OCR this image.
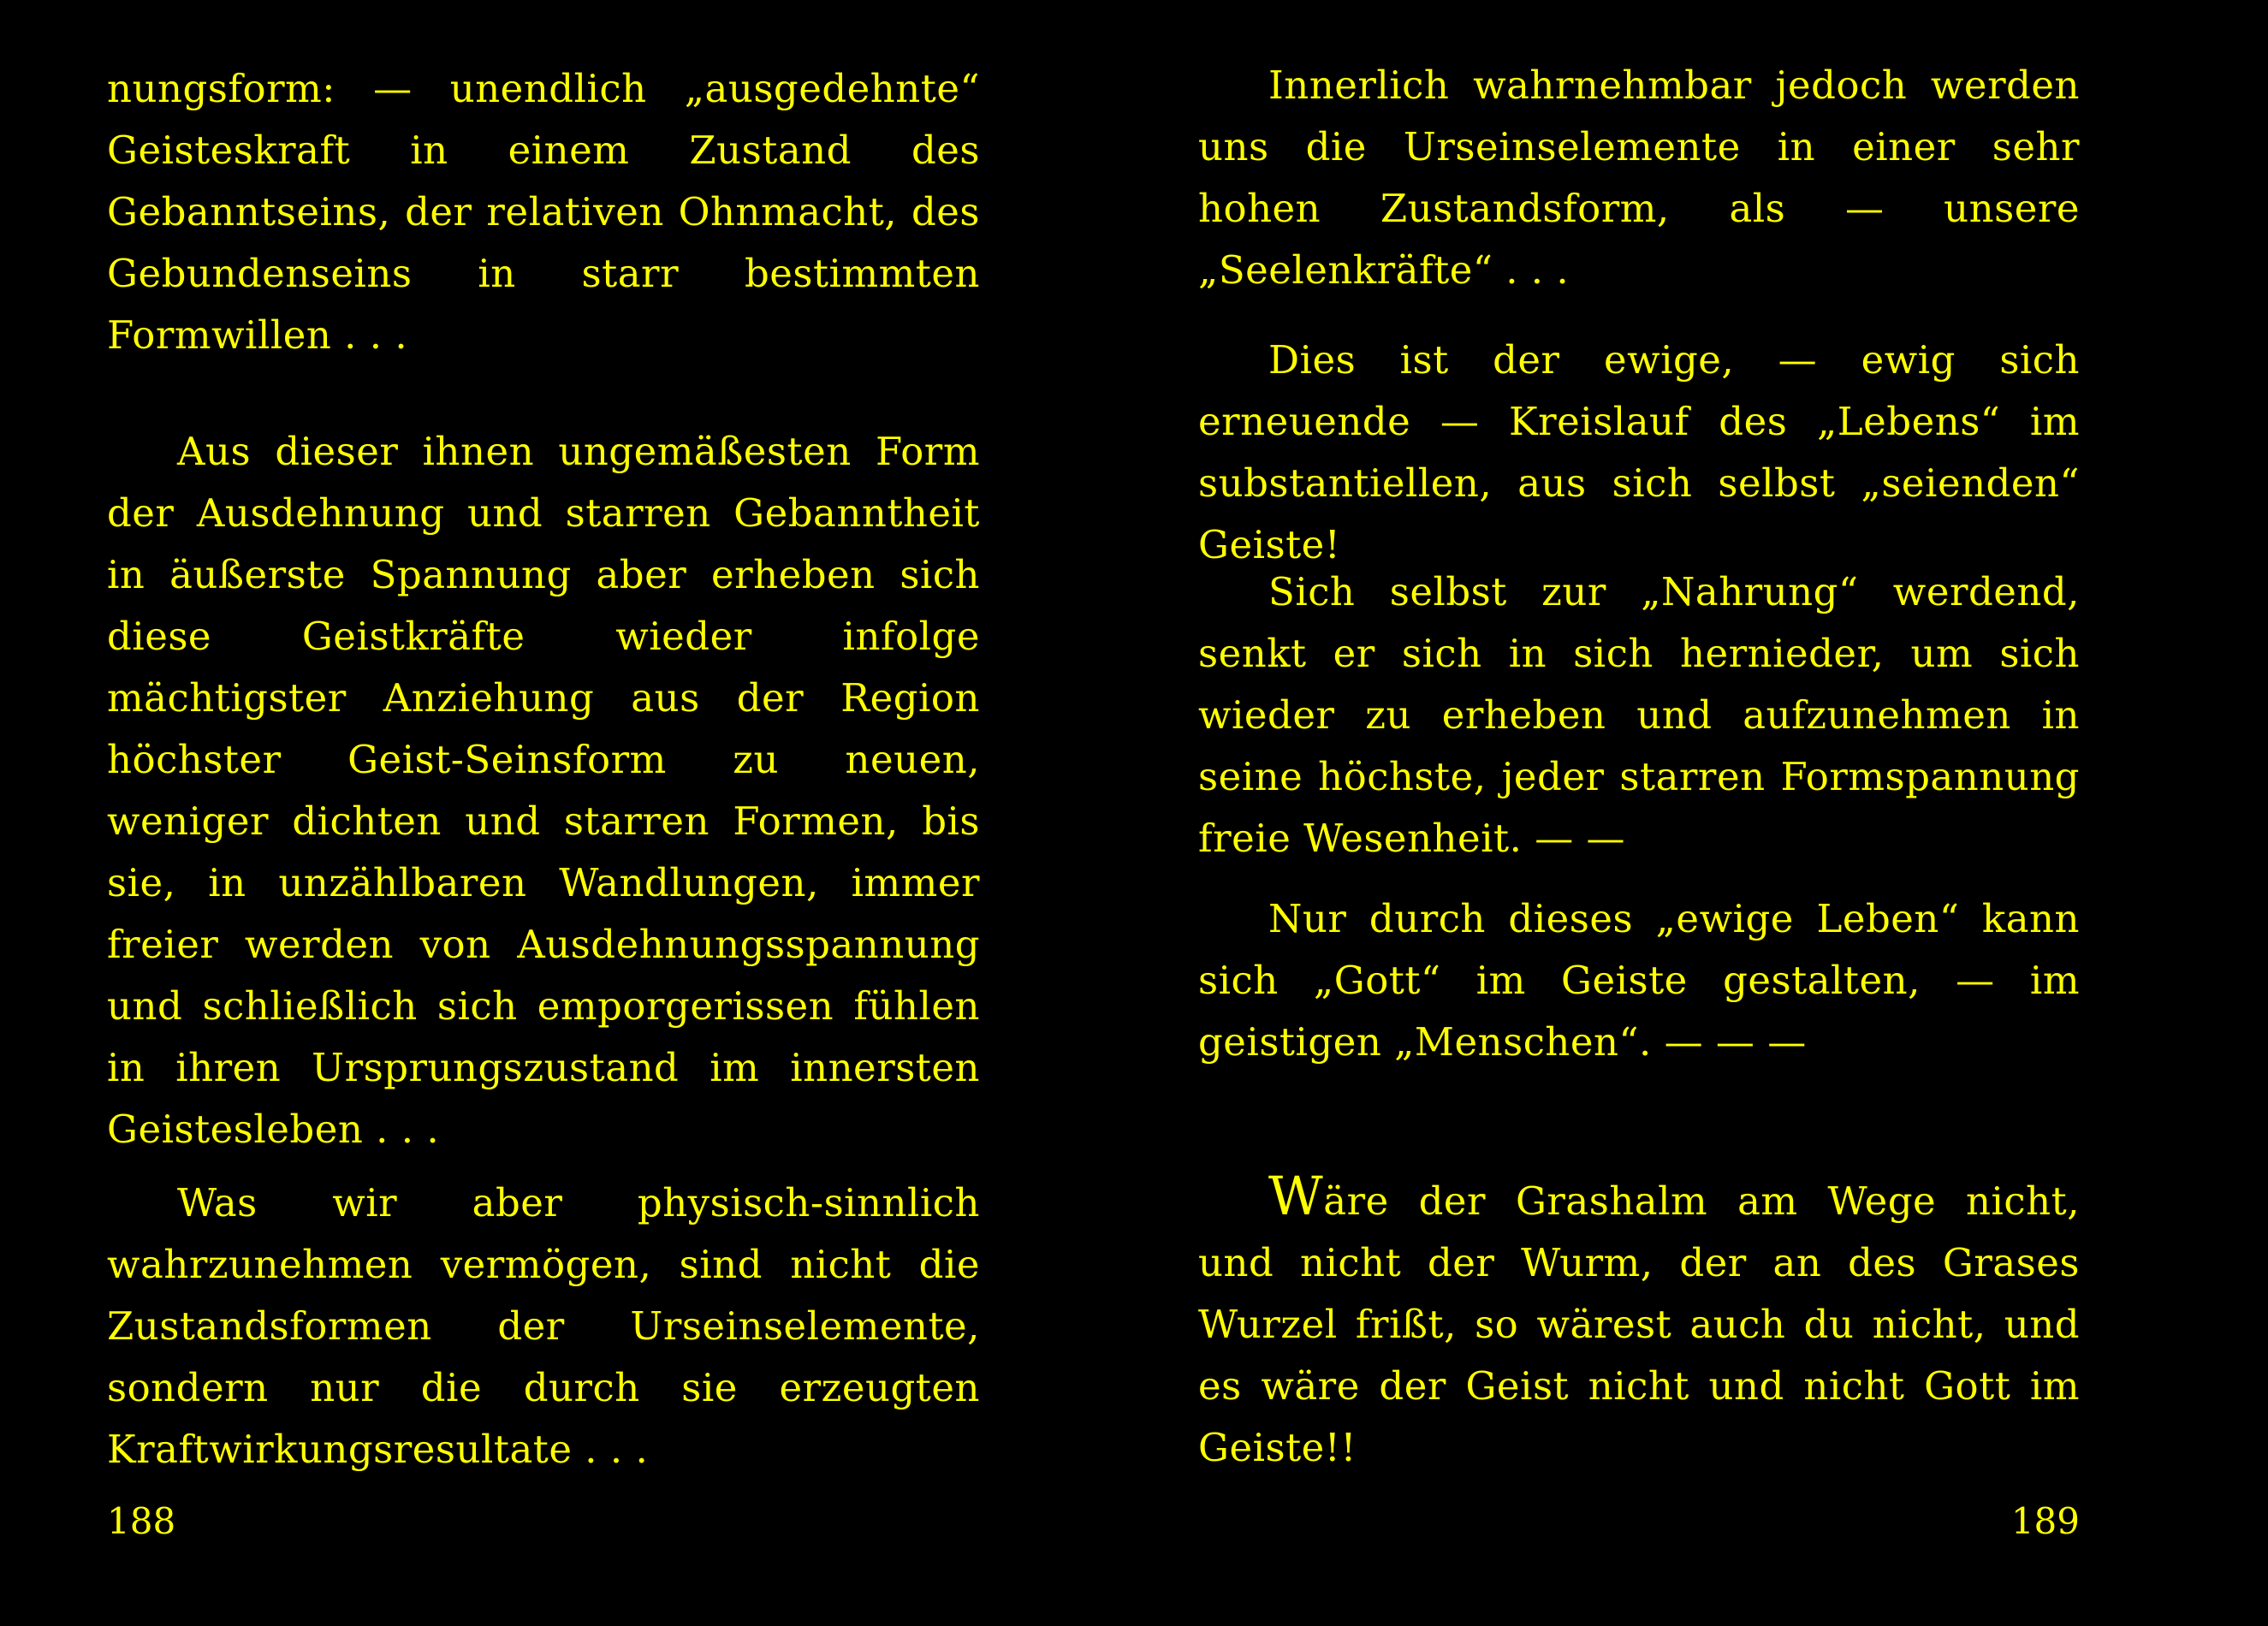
nungsform: — unendlich „ausgedehnte“ Geisteskraft in einem Zustand des Gebanntseins, der relativen Ohnmacht, des Gebundenseins in starr bestimmten Formwillen . . .

Aus dieser ihnen ungemäßesten Form der Ausdehnung und starren Gebanntheit in äußerste Spannung aber erheben sich diese Geistkräfte wieder infolge mächtigster Anziehung aus der Region höchster Geist-Seinsform zu neuen, weniger dichten und starren Formen, bis sie, in unzählbaren Wandlungen, immer freier werden von Ausdehnungsspannung und schließlich sich emporgerissen fühlen in ihren Ursprungszustand im innersten Geistesleben . . .

Was wir aber physisch-sinnlich wahrzunehmen vermögen, sind nicht die Zustandsformen der Urseinselemente, sondern nur die durch sie erzeugten Kraftwirkungsresultate . . .

188

Innerlich wahrnehmbar jedoch werden uns die Urseinselemente in einer sehr hohen Zustandsform, als — unsere „Seelenkräfte“ . . .

Dies ist der ewige, — ewig sich erneuende — Kreislauf des „Lebens“ im substantiellen, aus sich selbst „seienden“ Geiste!

Sich selbst zur „Nahrung“ werdend, senkt er sich in sich hernieder, um sich wieder zu erheben und aufzunehmen in seine höchste, jeder starren Formspannung freie Wesenheit. — —

Nur durch dieses „ewige Leben“ kann sich „Gott“ im Geiste gestalten, — im geistigen „Menschen“. — — —

Wäre der Grashalm am Wege nicht, und nicht der Wurm, der an des Grases Wurzel frißt, so wärest auch du nicht, und es wäre der Geist nicht und nicht Gott im Geiste!!

189
